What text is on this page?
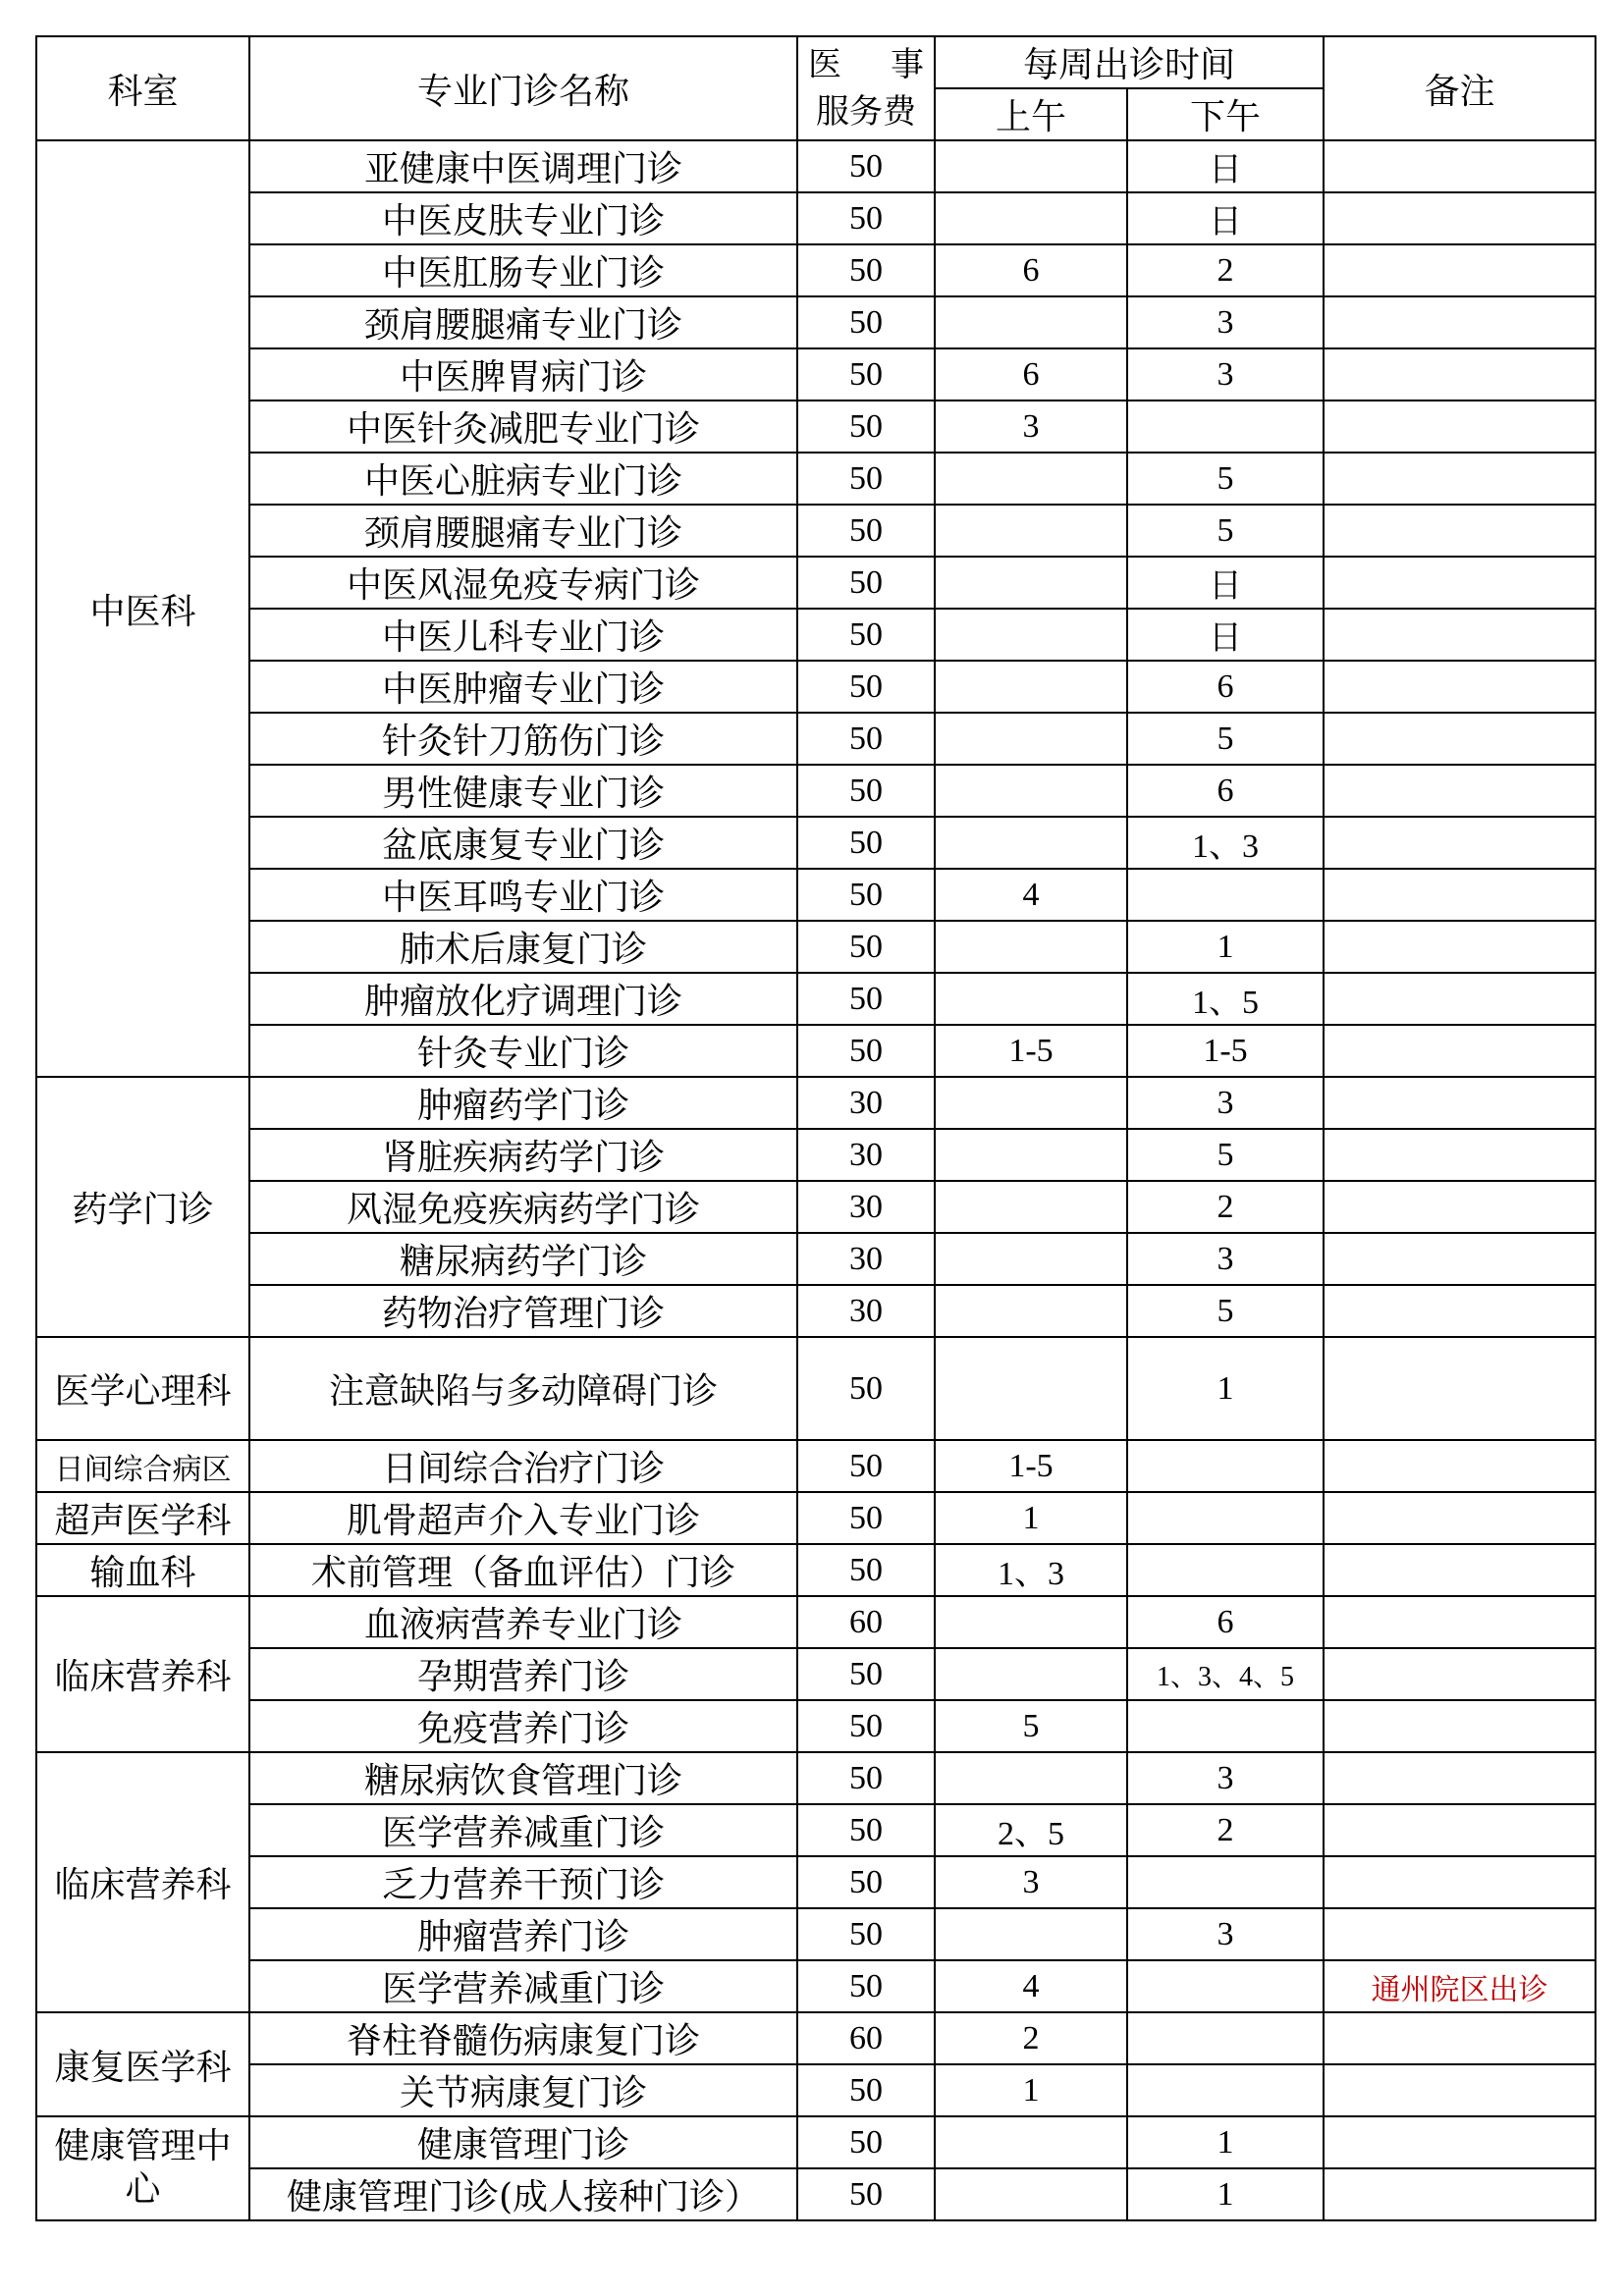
科室	专业门诊名称	医 事
服务费	每周出诊时间		备注
			上午	下午	
中医科	亚健康中医调理门诊	50		日	
	中医皮肤专业门诊	50		日	
	中医肛肠专业门诊	50	6	2	
	颈肩腰腿痛专业门诊	50		3	
	中医脾胃病门诊	50	6	3	
	中医针灸减肥专业门诊	50	3		
	中医心脏病专业门诊	50		5	
	颈肩腰腿痛专业门诊	50		5	
	中医风湿免疫专病门诊	50		日	
	中医儿科专业门诊	50		日	
	中医肿瘤专业门诊	50		6	
	针灸针刀筋伤门诊	50		5	
	男性健康专业门诊	50		6	
	盆底康复专业门诊	50		1、3	
	中医耳鸣专业门诊	50	4		
	肺术后康复门诊	50		1	
	肿瘤放化疗调理门诊	50		1、5	
	针灸专业门诊	50	1-5	1-5	
药学门诊	肿瘤药学门诊	30		3	
	肾脏疾病药学门诊	30		5	
	风湿免疫疾病药学门诊	30		2	
	糖尿病药学门诊	30		3	
	药物治疗管理门诊	30		5	
医学心理科	注意缺陷与多动障碍门诊	50		1	
日间综合病区	日间综合治疗门诊	50	1-5		
超声医学科	肌骨超声介入专业门诊	50	1		
输血科	术前管理（备血评估）门诊	50	1、3		
临床营养科	血液病营养专业门诊	60		6	
	孕期营养门诊	50		1、3、4、5	
	免疫营养门诊	50	5		
临床营养科	糖尿病饮食管理门诊	50		3	
	医学营养减重门诊	50	2、5	2	
	乏力营养干预门诊	50	3		
	肿瘤营养门诊	50		3	
	医学营养减重门诊	50	4		通州院区出诊
康复医学科	脊柱脊髓伤病康复门诊	60	2		
	关节病康复门诊	50	1		
健康管理中心	健康管理门诊	50		1	
	健康管理门诊(成人接种门诊）	50		1	
